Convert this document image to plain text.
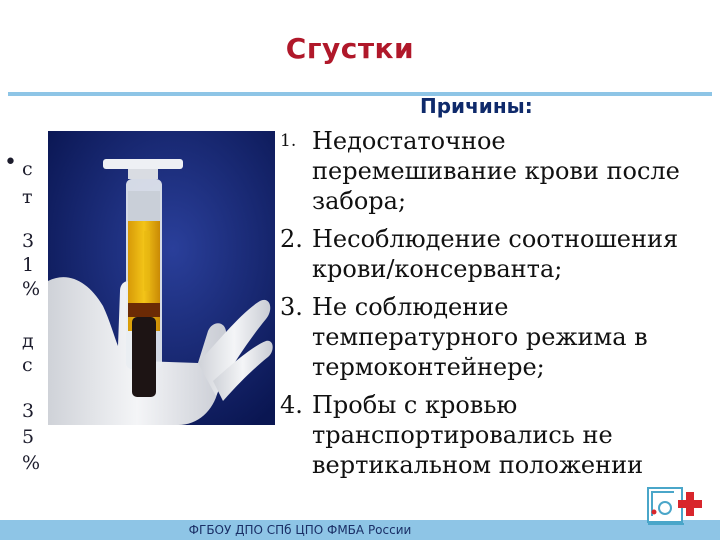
Сгустки
Причины:
• с
т
3
1
%
д
с
3
5
%
1. Недостаточное перемешивание крови после забора;
2. Несоблюдение соотношения крови/консерванта;
3. Не соблюдение температурного режима в термоконтейнере;
4. Пробы с кровью транспортировались не вертикальном положении
ФГБОУ ДПО СПб ЦПО ФМБА России
